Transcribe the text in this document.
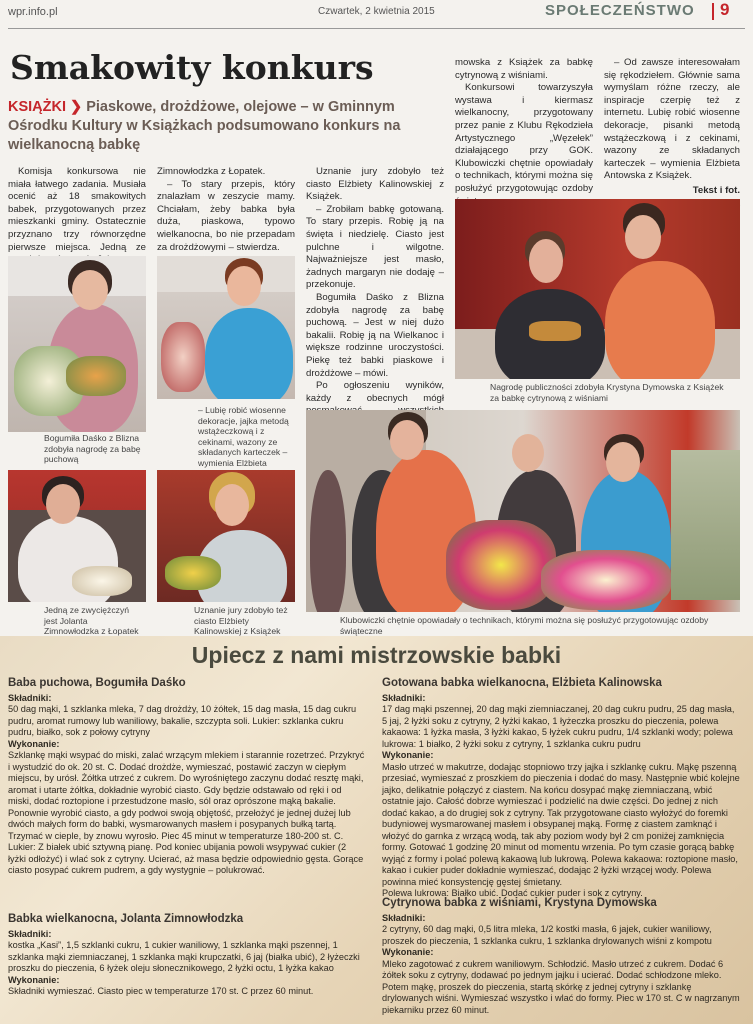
wpr.info.pl	Czwartek, 2 kwietnia 2015	SPOŁECZEŃSTWO 9
Smakowity konkurs
KSIĄŻKI ❯ Piaskowe, drożdżowe, olejowe – w Gminnym Ośrodku Kultury w Książkach podsumowano konkurs na wielkanocną babkę

Komisja konkursowa nie miała łatwego zadania. Musiała ocenić aż 18 smakowitych babek, przygotowanych przez mieszkanki gminy. Ostatecznie przyznano trzy równorzędne pierwsze miejsca. Jedną ze

Zimnowłodzka z Łopatek.

– To stary przepis, który znalazłam w zeszycie mamy. Chciałam, żeby babka była duża, piaskowa, typowo wielkanocna, bo nie przepadam za drożdżowymi – stwierdza.

Uznanie jury zdobyło też ciasto Elżbiety Kalinowskiej z Książek.

– Zrobiłam babkę gotowaną. To stary przepis. Robię ją na święta i niedzielę. Ciasto jest pulchne i wilgotne. Najważniejsze jest masło, żadnych margaryn nie dodaję – przekonuje.

Bogumiła Daśko z Blizna zdobyła nagrodę za babę puchową. – Jest w niej dużo bakalii. Robię ją na Wielkanoc i większe rodzinne uroczystości. Piekę też babki piaskowe i drożdżowe – mówi.

Po ogłoszeniu wyników, każdy z obecnych mógł

mowska z Książek za babkę cytrynową z wiśniami.

Konkursowi towarzyszyła wystawa i kiermasz wielkanocny, przygotowany przez panie z Klubu Rękodzieła Artystycznego „Węzełek” działającego przy GOK. Klubowiczki chętnie opowiadały o technikach, którymi można się posłużyć przygotowując ozdoby

– Od zawsze interesowałam się rękodziełem. Głównie sama wymyślam różne rzeczy, ale inspiracje czerpię też z internetu. Lubię robić wiosenne dekoracje, pisanki metodą wstążeczkową i z cekinami, wazony ze składanych karteczek – wymienia Elżbieta Antowska z Książek.

Tekst i fot.
Bogumiła Daśko z Blizna zdobyła nagrodę za babę puchową
– Lubię robić wiosenne dekoracje, jajka metodą wstążeczkową i z cekinami, wazony ze składanych karteczek – wymienia Elżbieta
Nagrodę publiczności zdobyła Krystyna Dymowska z Książek za babkę cytrynową z wiśniami
Jedną ze zwyciężczyń jest Jolanta Zimnowłodzka z Łopatek
Uznanie jury zdobyło też ciasto Elżbiety Kalinowskiej z Książek
Klubowiczki chętnie opowiadały o technikach, którymi można się posłużyć przygotowując ozdoby świąteczne
Upiecz z nami mistrzowskie babki
Baba puchowa, Bogumiła Daśko

Składniki:

50 dag mąki, 1 szklanka mleka, 7 dag drożdży, 10 żółtek, 15 dag masła, 15 dag cukru pudru, aromat rumowy lub waniliowy, bakalie, szczypta soli. Lukier: szklanka cukru pudru, białko, sok z połowy cytryny

Wykonanie:

Szklankę mąki wsypać do miski, zalać wrzącym mlekiem i starannie rozetrzeć. Przykryć i wystudzić do ok. 20 st. C. Dodać drożdże, wymieszać, postawić zaczyn w ciepłym miejscu, by urósł. Żółtka utrzeć z cukrem. Do wyrośniętego zaczynu dodać resztę mąki, aromat i utarte żółtka, dokładnie wyrobić ciasto. Gdy będzie odstawało od ręki i od miski, dodać roztopione i przestudzone masło, sól oraz oprószone mąką bakalie. Ponownie wyrobić ciasto, a gdy podwoi swoją objętość, przełożyć je jednej dużej lub dwóch małych form do babki, wysmarowanych masłem i posypanych bułką tartą. Trzymać w cieple, by znowu wyrosło. Piec 45 minut w temperaturze 180-200 st. C.

Lukier: Z białek ubić sztywną pianę. Pod koniec ubijania powoli wsypywać cukier (2 łyżki odłożyć) i wlać sok z cytryny. Ucierać, aż masa będzie odpowiednio gęsta. Gorące ciasto posypać cukrem pudrem, a gdy wystygnie – polukrować.

Babka wielkanocna, Jolanta Zimnowłodzka

Składniki:

kostka „Kasi”, 1,5 szklanki cukru, 1 cukier waniliowy, 1 szklanka mąki pszennej, 1 szklanka mąki ziemniaczanej, 1 szklanka mąki krupczatki, 6 jaj (białka ubić), 2 łyżeczki proszku do pieczenia, 6 łyżek oleju słonecznikowego, 2 łyżki octu, 1 łyżka kakao

Wykonanie:

Składniki wymieszać. Ciasto piec w temperaturze 170 st. C przez 60 minut.

Gotowana babka wielkanocna, Elżbieta Kalinowska

Składniki:

17 dag mąki pszennej, 20 dag mąki ziemniaczanej, 20 dag cukru pudru, 25 dag masła, 5 jaj, 2 łyżki soku z cytryny, 2 łyżki kakao, 1 łyżeczka proszku do pieczenia, polewa kakaowa: 1 łyżka masła, 3 łyżki kakao, 5 łyżek cukru pudru, 1/4 szklanki wody; polewa lukrowa: 1 białko, 2 łyżki soku z cytryny, 1 szklanka cukru pudru

Wykonanie:

Masło utrzeć w makutrze, dodając stopniowo trzy jajka i szklankę cukru. Mąkę pszenną przesiać, wymieszać z proszkiem do pieczenia i dodać do masy. Następnie wbić kolejne jajko, delikatnie połączyć z ciastem. Na końcu dosypać mąkę ziemniaczaną, wbić ostatnie jajo. Całość dobrze wymieszać i podzielić na dwie części. Do jednej z nich dodać kakao, a do drugiej sok z cytryny. Tak przygotowane ciasto wyłożyć do foremki budyniowej wysmarowanej masłem i obsypanej mąką. Formę z ciastem zamknąć i włożyć do garnka z wrzącą wodą, tak aby poziom wody był 2 cm poniżej zamknięcia formy. Gotować 1 godzinę 20 minut od momentu wrzenia. Po tym czasie gorącą babkę wyjąć z formy i polać polewą kakaową lub lukrową. Polewa kakaowa: roztopione masło, kakao i cukier puder dokładnie wymieszać, dodając 2 łyżki wrzącej wody. Polewa powinna mieć konsystencję gęstej śmietany.

Polewa lukrowa: Białko ubić. Dodać cukier puder i sok z cytryny.

Cytrynowa babka z wiśniami, Krystyna Dymowska

Składniki:

2 cytryny, 60 dag mąki, 0,5 litra mleka, 1/2 kostki masła, 6 jajek, cukier waniliowy, proszek do pieczenia, 1 szklanka cukru, 1 szklanka drylowanych wiśni z kompotu

Wykonanie:

Mleko zagotować z cukrem waniliowym. Schłodzić. Masło utrzeć z cukrem. Dodać 6 żółtek soku z cytryny, dodawać po jednym jajku i ucierać. Dodać schłodzone mleko. Potem mąkę, proszek do pieczenia, startą skórkę z jednej cytryny i szklankę drylowanych wiśni. Wymieszać wszystko i wlać do formy. Piec w 170 st. C w nagrzanym piekarniku przez 60 minut.
